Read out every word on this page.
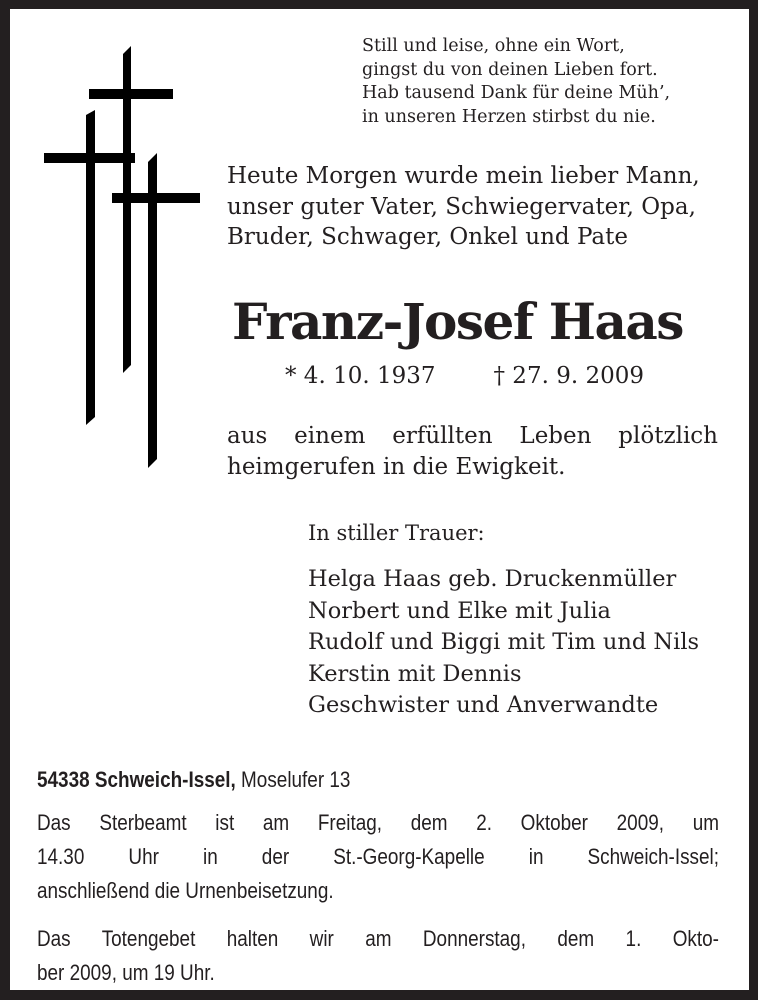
Still und leise, ohne ein Wort,
gingst du von deinen Lieben fort.
Hab tausend Dank für deine Müh’,
in unseren Herzen stirbst du nie.
Heute Morgen wurde mein lieber Mann,
unser guter Vater, Schwiegervater, Opa,
Bruder, Schwager, Onkel und Pate
Franz-Josef Haas
* 4. 10. 1937	† 27. 9. 2009
aus einem erfüllten Leben plötzlich
heimgerufen in die Ewigkeit.
In stiller Trauer:
Helga Haas geb. Druckenmüller
Norbert und Elke mit Julia
Rudolf und Biggi mit Tim und Nils
Kerstin mit Dennis
Geschwister und Anverwandte
54338 Schweich-Issel, Moselufer 13
Das Sterbeamt ist am Freitag, dem 2. Oktober 2009, um
14.30 Uhr in der St.-Georg-Kapelle in Schweich-Issel;
anschließend die Urnenbeisetzung.
Das Totengebet halten wir am Donnerstag, dem 1. Okto-
ber 2009, um 19 Uhr.
